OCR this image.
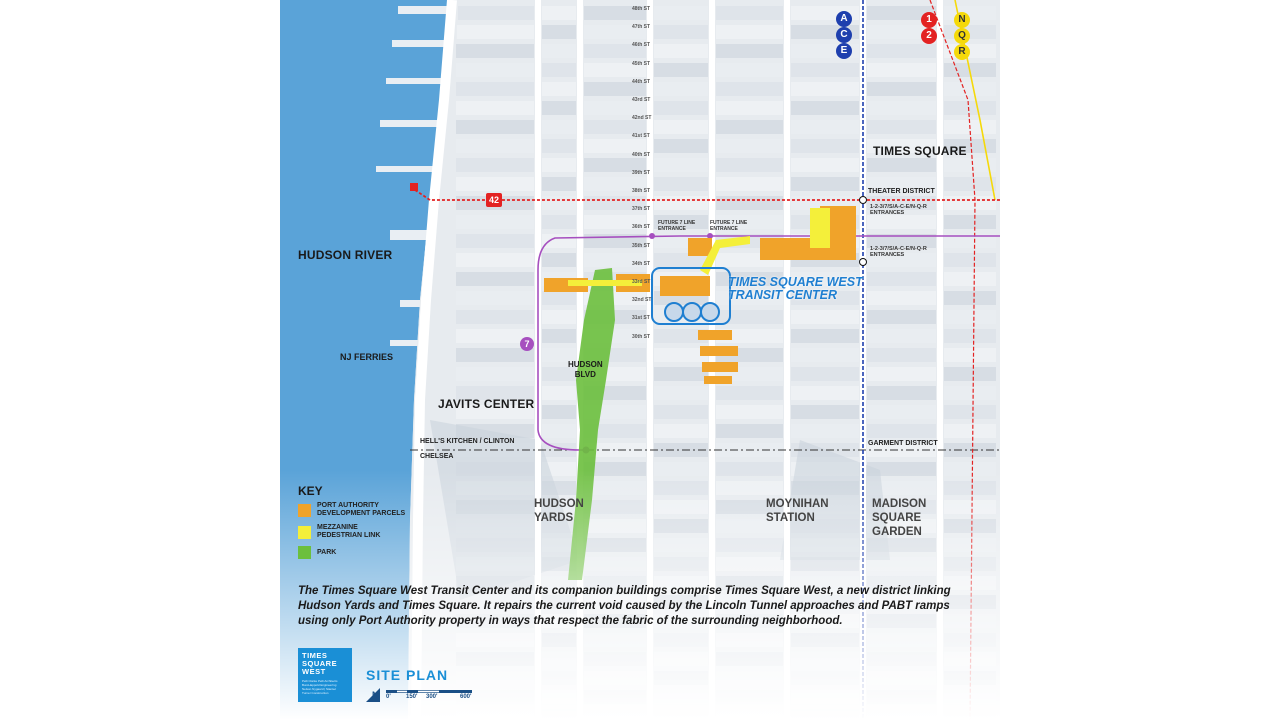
48th ST
47th ST
46th ST
45th ST
44th ST
43rd ST
42nd ST
41st ST
40th ST
39th ST
38th ST
37th ST
36th ST
35th ST
34th ST
33rd ST
32nd ST
31st ST
30th ST
A
C
E
1
2
N
Q
R
42
7
HUDSON RIVER
NJ FERRIES
JAVITS CENTER
HUDSON
BLVD
TIMES SQUARE
THEATER DISTRICT
GARMENT DISTRICT
HELL'S KITCHEN / CLINTON
CHELSEA
HUDSON
YARDS
MOYNIHAN
STATION
MADISON
SQUARE
GARDEN
TIMES SQUARE WEST
TRANSIT CENTER
1-2-3/7/S/A-C-E/N-Q-R
ENTRANCES
1-2-3/7/S/A-C-E/N-Q-R
ENTRANCES
FUTURE 7 LINE
ENTRANCE
FUTURE 7 LINE
ENTRANCE
KEY
PORT AUTHORITY
DEVELOPMENT PARCELS
MEZZANINE
PEDESTRIAN LINK
PARK
The Times Square West Transit Center and its companion buildings comprise Times Square West, a new district linking Hudson Yards and Times Square. It repairs the current void caused by the Lincoln Tunnel approaches and PABT ramps using only Port Authority property in ways that respect the fabric of the surrounding neighborhood.
TIMES
SQUARE
WEST
Pelli Clarke Pelli Architects
BuroHappold Engineering
Nelson Nygaard | Stantec
Turner Construction
SITE PLAN
N 0'	150' 300'	600'
